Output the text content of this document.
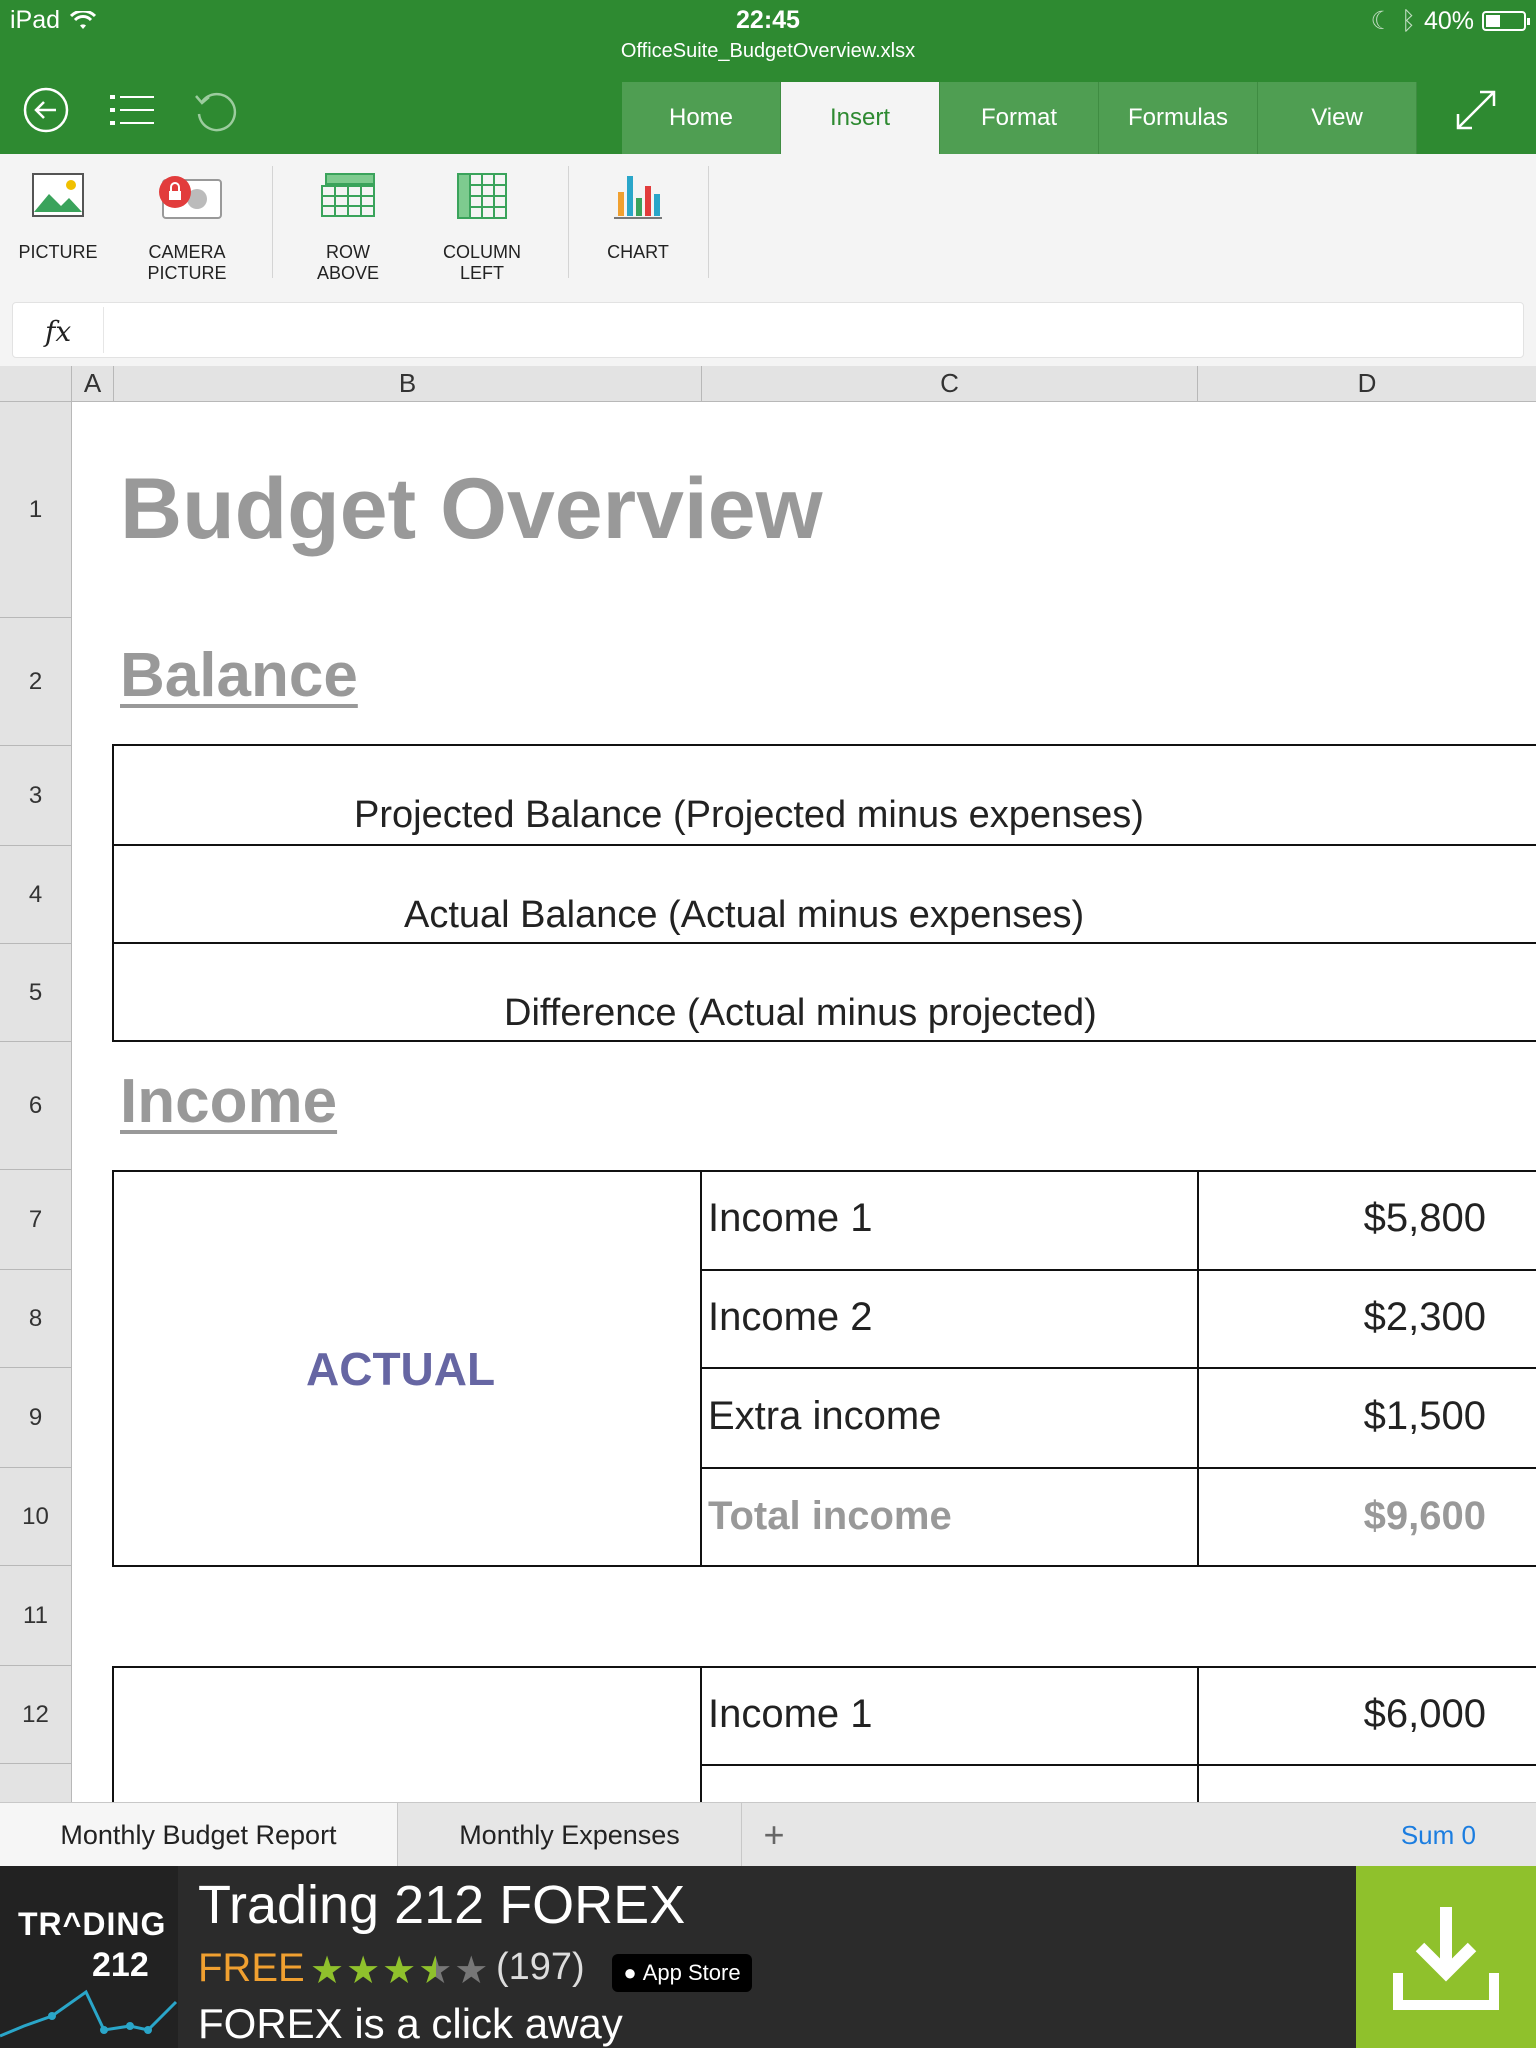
iPad	22:45	☾ ᛒ 40%
OfficeSuite_BudgetOverview.xlsx
Home	Insert	Format	Formulas	View
PICTURE	CAMERA
PICTURE
ROW
ABOVE
COLUMN
LEFT
CHART
fx
A	B	C	D
1
2
3
4
5
6
7
8
9
10
11
12
Budget Overview
Balance
Projected Balance (Projected minus expenses)
Actual Balance (Actual minus expenses)
Difference (Actual minus projected)
Income
ACTUAL
Income 1	$5,800
Income 2	$2,300
Extra income	$1,500
Total income	$9,600
Income 1	$6,000
Monthly Budget Report	Monthly Expenses	+	Sum 0
TR^DING
212
Trading 212 FOREX
FREE ★★★★★ (197) ● App Store
FOREX is a click away
